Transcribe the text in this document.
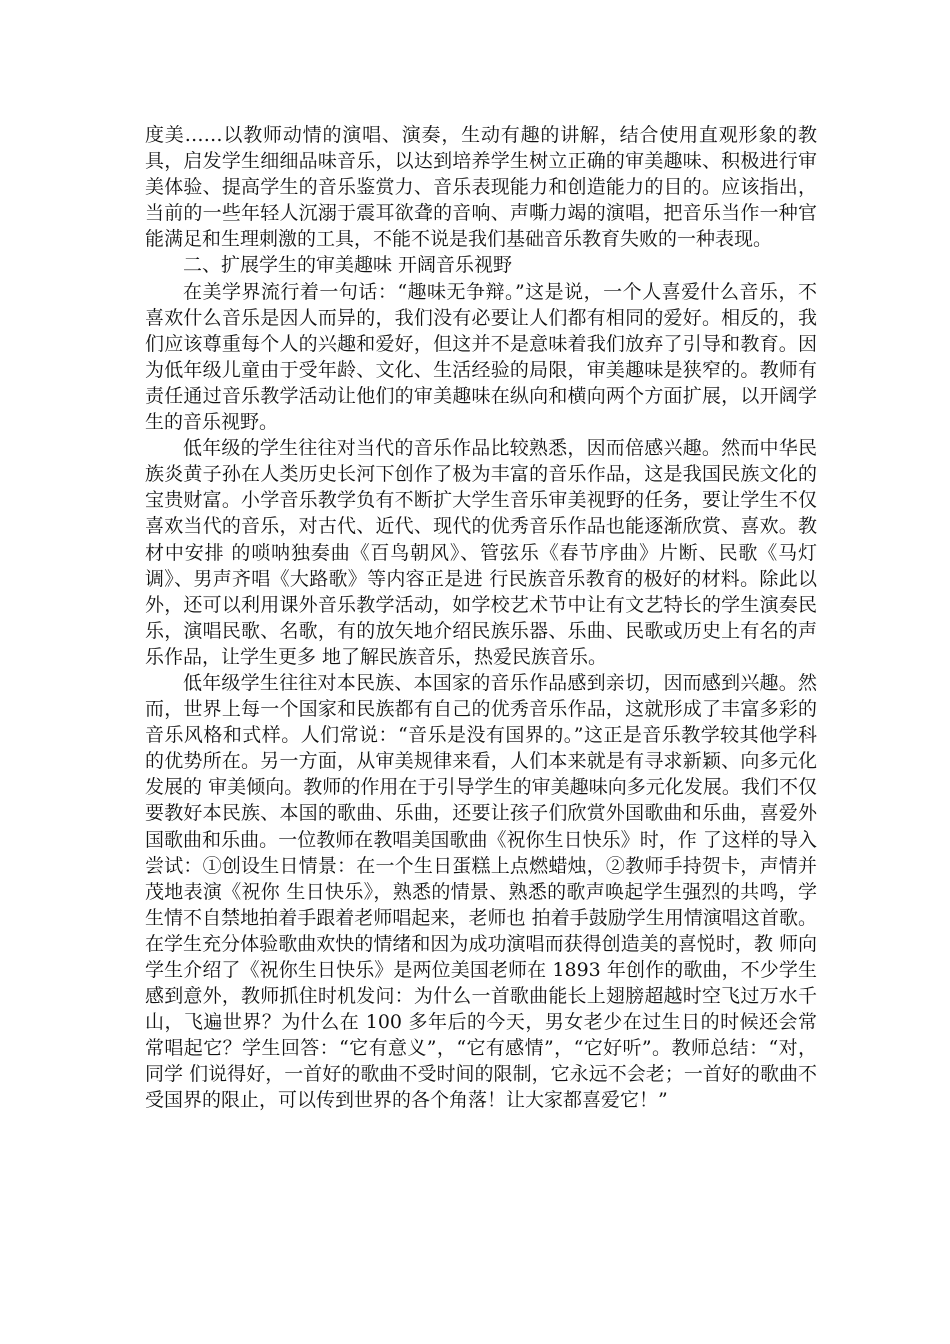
度美……以教师动情的演唱、演奏，生动有趣的讲解，结合使用直观形象的教具，启发学生细细品味音乐，以达到培养学生树立正确的审美趣味、积极进行审美体验、提高学生的音乐鉴赏力、音乐表现能力和创造能力的目的。应该指出，当前的一些年轻人沉溺于震耳欲聋的音响、声嘶力竭的演唱，把音乐当作一种官能满足和生理刺激的工具，不能不说是我们基础音乐教育失败的一种表现。

二、扩展学生的审美趣味 开阔音乐视野

在美学界流行着一句话：“趣味无争辩。”这是说，一个人喜爱什么音乐，不喜欢什么音乐是因人而异的，我们没有必要让人们都有相同的爱好。相反的，我们应该尊重每个人的兴趣和爱好，但这并不是意味着我们放弃了引导和教育。因为低年级儿童由于受年龄、文化、生活经验的局限，审美趣味是狭窄的。教师有责任通过音乐教学活动让他们的审美趣味在纵向和横向两个方面扩展，以开阔学生的音乐视野。

低年级的学生往往对当代的音乐作品比较熟悉，因而倍感兴趣。然而中华民族炎黄子孙在人类历史长河下创作了极为丰富的音乐作品，这是我国民族文化的宝贵财富。小学音乐教学负有不断扩大学生音乐审美视野的任务，要让学生不仅喜欢当代的音乐，对古代、近代、现代的优秀音乐作品也能逐渐欣赏、喜欢。教材中安排 的唢呐独奏曲《百鸟朝风》、管弦乐《春节序曲》片断、民歌《马灯调》、男声齐唱《大路歌》等内容正是进 行民族音乐教育的极好的材料。除此以外，还可以利用课外音乐教学活动，如学校艺术节中让有文艺特长的学生演奏民乐，演唱民歌、名歌，有的放矢地介绍民族乐器、乐曲、民歌或历史上有名的声乐作品，让学生更多 地了解民族音乐，热爱民族音乐。

低年级学生往往对本民族、本国家的音乐作品感到亲切，因而感到兴趣。然而，世界上每一个国家和民族都有自己的优秀音乐作品，这就形成了丰富多彩的音乐风格和式样。人们常说：“音乐是没有国界的。”这正是音乐教学较其他学科的优势所在。另一方面，从审美规律来看，人们本来就是有寻求新颖、向多元化发展的 审美倾向。教师的作用在于引导学生的审美趣味向多元化发展。我们不仅要教好本民族、本国的歌曲、乐曲，还要让孩子们欣赏外国歌曲和乐曲，喜爱外国歌曲和乐曲。一位教师在教唱美国歌曲《祝你生日快乐》时，作 了这样的导入尝试：①创设生日情景：在一个生日蛋糕上点燃蜡烛，②教师手持贺卡，声情并茂地表演《祝你 生日快乐》，熟悉的情景、熟悉的歌声唤起学生强烈的共鸣，学生情不自禁地拍着手跟着老师唱起来，老师也 拍着手鼓励学生用情演唱这首歌。在学生充分体验歌曲欢快的情绪和因为成功演唱而获得创造美的喜悦时，教 师向学生介绍了《祝你生日快乐》是两位美国老师在 1893 年创作的歌曲，不少学生感到意外，教师抓住时机发问：为什么一首歌曲能长上翅膀超越时空飞过万水千山，飞遍世界？为什么在 100 多年后的今天，男女老少在过生日的时候还会常常唱起它？学生回答：“它有意义”，“它有感情”，“它好听”。教师总结：“对，同学 们说得好，一首好的歌曲不受时间的限制，它永远不会老；一首好的歌曲不受国界的限止，可以传到世界的各个角落！让大家都喜爱它！”
